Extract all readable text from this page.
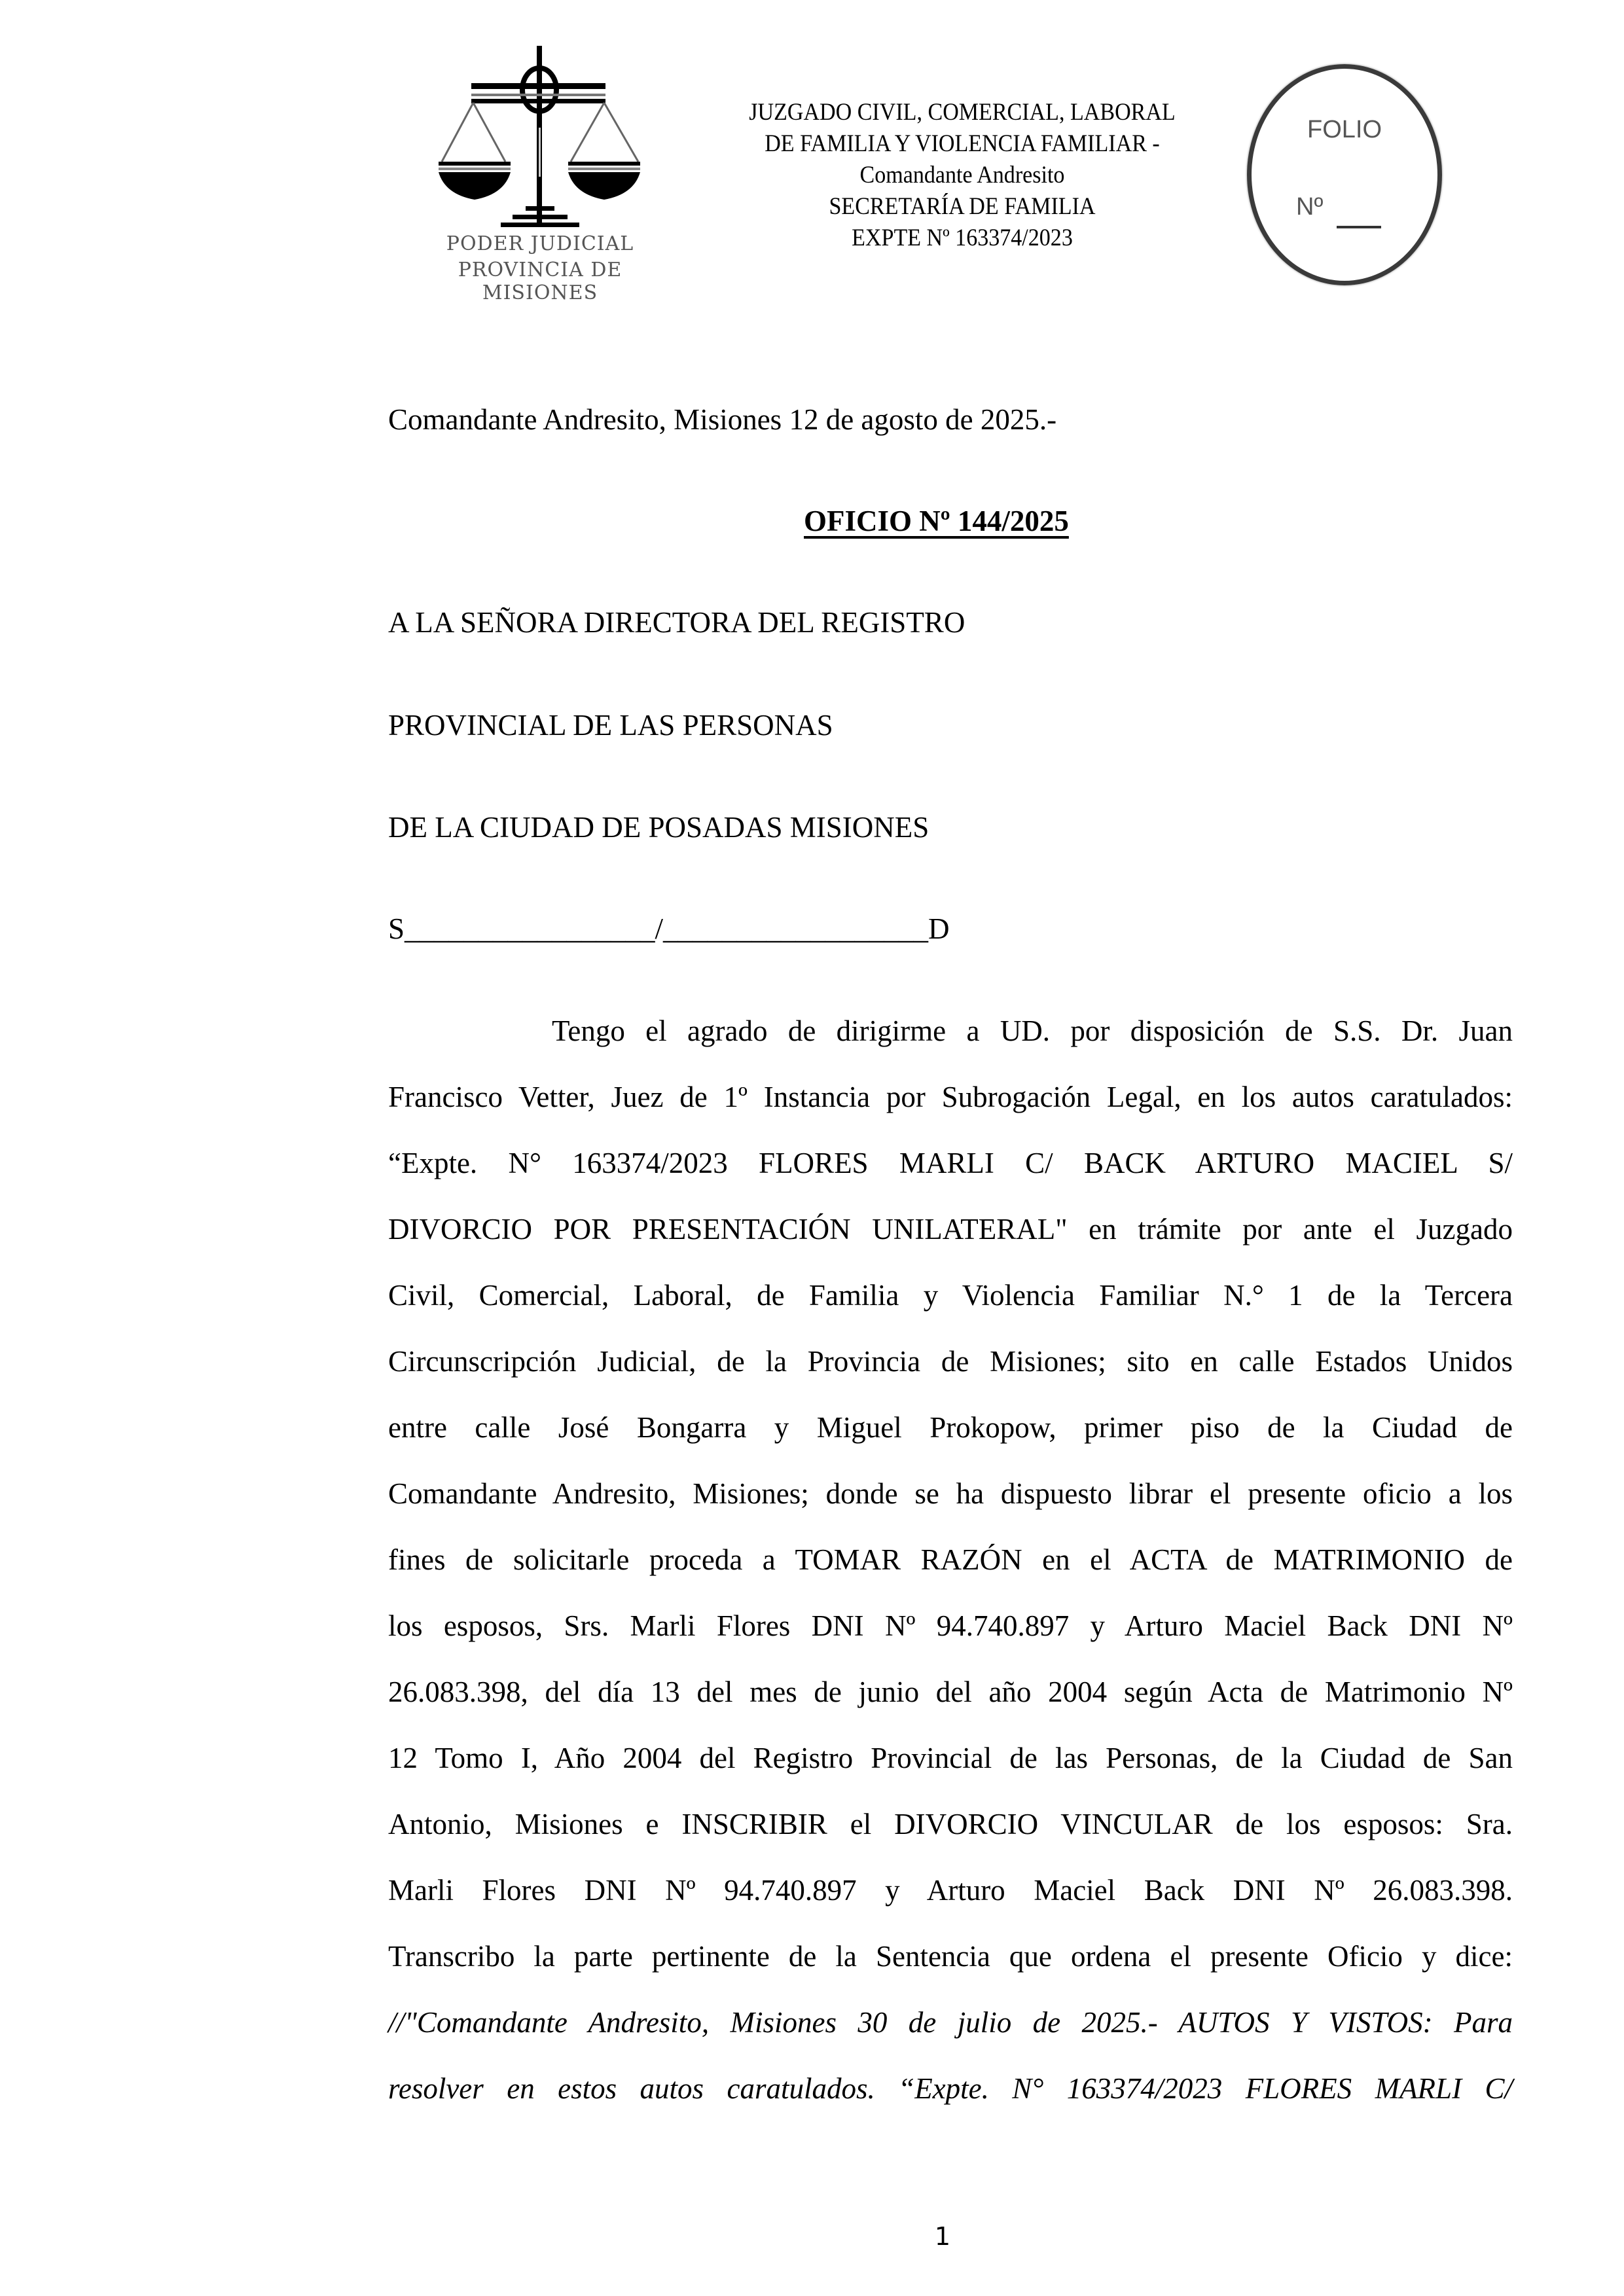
PODER JUDICIAL
PROVINCIA DE MISIONES
JUZGADO CIVIL, COMERCIAL, LABORAL
DE FAMILIA Y VIOLENCIA FAMILIAR -
Comandante Andresito
SECRETARÍA DE FAMILIA
EXPTE Nº 163374/2023
FOLIO
Nº
Comandante Andresito, Misiones 12 de agosto de 2025.-
OFICIO Nº 144/2025
A LA SEÑORA DIRECTORA DEL REGISTRO
PROVINCIAL DE LAS PERSONAS
DE LA CIUDAD DE POSADAS MISIONES
S_________________/__________________D
Tengo el agrado de dirigirme a UD. por disposición de S.S. Dr. Juan
Francisco Vetter, Juez de 1º Instancia por Subrogación Legal, en los autos caratulados:
“Expte. N° 163374/2023 FLORES MARLI C/ BACK ARTURO MACIEL S/
DIVORCIO POR PRESENTACIÓN UNILATERAL" en trámite por ante el Juzgado
Civil, Comercial, Laboral, de Familia y Violencia Familiar N.° 1 de la Tercera
Circunscripción Judicial, de la Provincia de Misiones; sito en calle Estados Unidos
entre calle José Bongarra y Miguel Prokopow, primer piso de la Ciudad de
Comandante Andresito, Misiones; donde se ha dispuesto librar el presente oficio a los
fines de solicitarle proceda a TOMAR RAZÓN en el ACTA de MATRIMONIO de
los esposos, Srs. Marli Flores DNI Nº 94.740.897 y Arturo Maciel Back DNI Nº
26.083.398, del día 13 del mes de junio del año 2004 según Acta de Matrimonio Nº
12 Tomo I, Año 2004 del Registro Provincial de las Personas, de la Ciudad de San
Antonio, Misiones e INSCRIBIR el DIVORCIO VINCULAR de los esposos: Sra.
Marli Flores DNI Nº 94.740.897 y Arturo Maciel Back DNI Nº 26.083.398.
Transcribo la parte pertinente de la Sentencia que ordena el presente Oficio y dice:
//"Comandante Andresito, Misiones 30 de julio de 2025.- AUTOS Y VISTOS: Para
resolver en estos autos caratulados. “Expte. N° 163374/2023 FLORES MARLI C/
1
